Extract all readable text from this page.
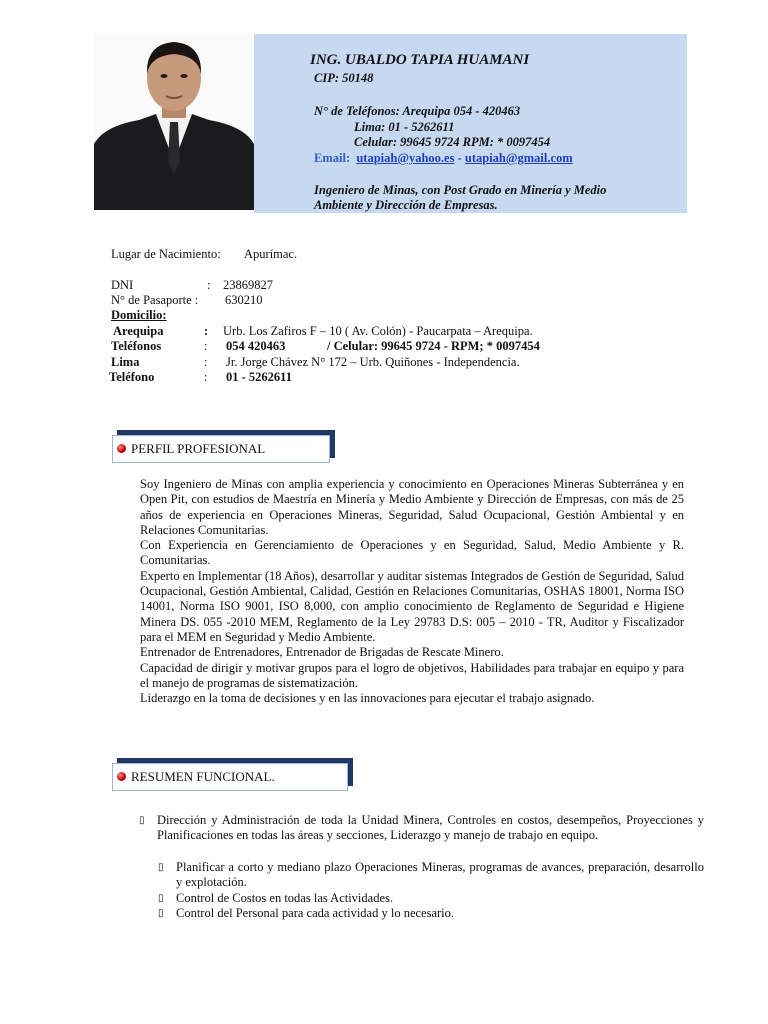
ING. UBALDO TAPIA HUAMANI
CIP: 50148
N° de Teléfonos: Arequipa 054 - 420463
Lima: 01 - 5262611
Celular: 99645 9724 RPM: * 0097454
Email: utapiah@yahoo.es - utapiah@gmail.com
Ingeniero de Minas, con Post Grado en Minería y Medio
Ambiente y Dirección de Empresas.
Lugar de Nacimiento: Apurímac.
DNI	: 23869827
N° de Pasaporte : 630210
Domicilio:
Arequipa	: Urb. Los Zafiros F – 10 ( Av. Colón) - Paucarpata – Arequipa.
Teléfonos	: 054 420463	/ Celular: 99645 9724 - RPM; * 0097454
Lima	: Jr. Jorge Chávez N° 172 – Urb. Quiñones - Independencia.
Teléfono	: 01 - 5262611
PERFIL PROFESIONAL

Soy Ingeniero de Minas con amplia experiencia y conocimiento en Operaciones Mineras Subterránea y en Open Pit, con estudios de Maestría en Minería y Medio Ambiente y Dirección de Empresas, con más de 25 años de experiencia en Operaciones Mineras, Seguridad, Salud Ocupacional, Gestión Ambiental y en Relaciones Comunitarias.

Con Experiencia en Gerenciamiento de Operaciones y en Seguridad, Salud, Medio Ambiente y R. Comunitarias.

Experto en Implementar (18 Años), desarrollar y auditar sistemas Integrados de Gestión de Seguridad, Salud Ocupacional, Gestión Ambiental, Calidad, Gestión en Relaciones Comunitarias, OSHAS 18001, Norma ISO 14001, Norma ISO 9001, ISO 8,000, con amplio conocimiento de Reglamento de Seguridad e Higiene Minera DS. 055 -2010 MEM, Reglamento de la Ley 29783 D.S: 005 – 2010 - TR, Auditor y Fiscalizador para el MEM en Seguridad y Medio Ambiente.

Entrenador de Entrenadores, Entrenador de Brigadas de Rescate Minero.

Capacidad de dirigir y motivar grupos para el logro de objetivos, Habilidades para trabajar en equipo y para el manejo de programas de sistematización.

Liderazgo en la toma de decisiones y en las innovaciones para ejecutar el trabajo asignado.

RESUMEN FUNCIONAL.
▯ Dirección y Administración de toda la Unidad Minera, Controles en costos, desempeños, Proyecciones y Planificaciones en todas las áreas y secciones, Liderazgo y manejo de trabajo en equipo.
▯ Planificar a corto y mediano plazo Operaciones Mineras, programas de avances, preparación, desarrollo y explotación.
▯ Control de Costos en todas las Actividades.
▯ Control del Personal para cada actividad y lo necesario.
